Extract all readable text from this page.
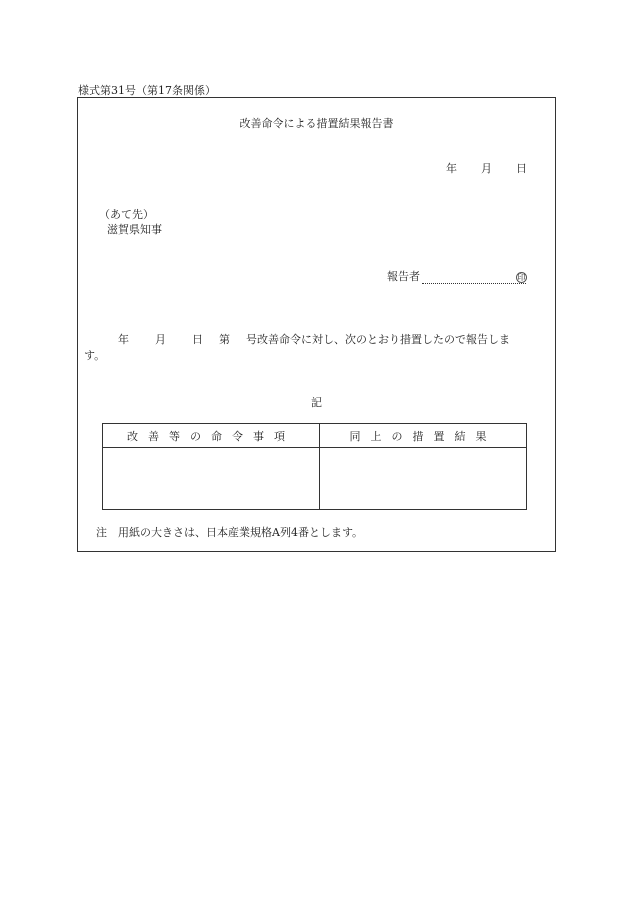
様式第31号（第17条関係）
改善命令による措置結果報告書
年 月 日
（あて先）
滋賀県知事
報告者	印
年 月 日 第 号改善命令に対し、次のとおり措置したので報告しま
す。
記
改善等の命令事項	同上の措置結果

注　用紙の大きさは、日本産業規格A列4番とします。
